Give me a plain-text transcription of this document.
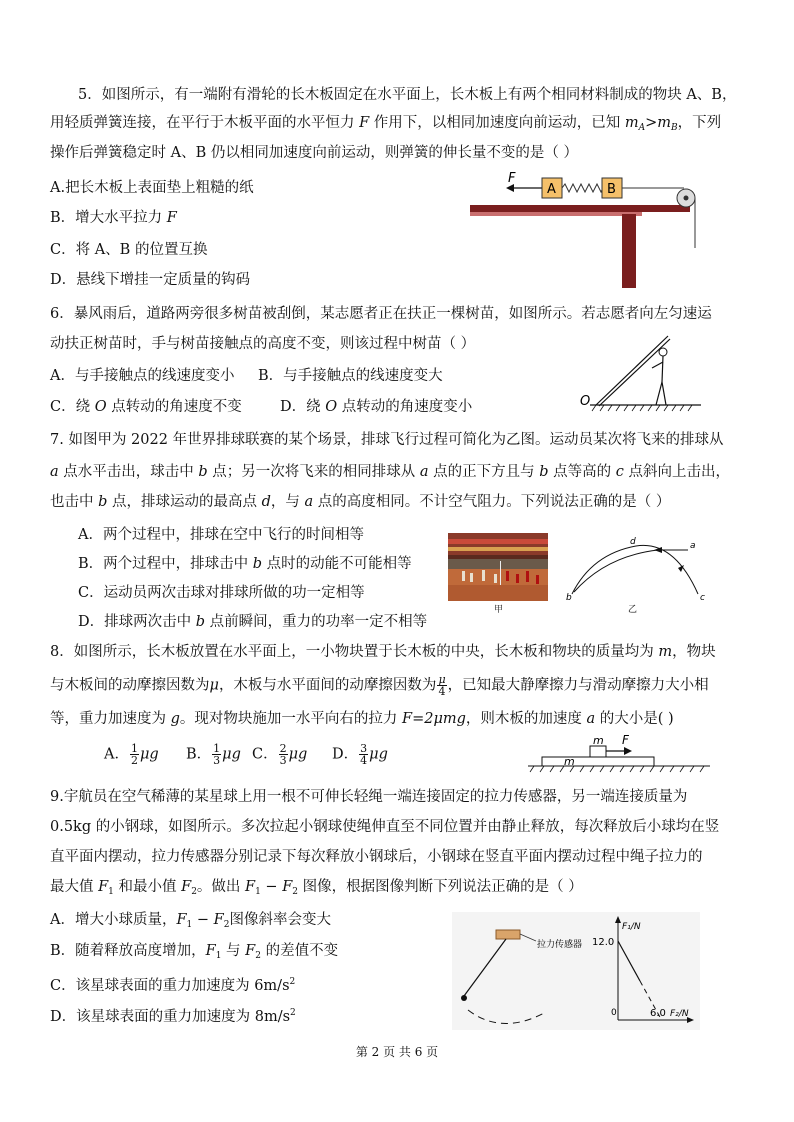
5．如图所示，有一端附有滑轮的长木板固定在水平面上，长木板上有两个相同材料制成的物块 A、B，
用轻质弹簧连接，在平行于木板平面的水平恒力 F 作用下，以相同加速度向前运动，已知 $m_A>m_B$，下列
操作后弹簧稳定时 A、B 仍以相同加速度向前运动，则弹簧的伸长量不变的是（ ）
A.把长木板上表面垫上粗糙的纸
B．增大水平拉力 F
C．将 A、B 的位置互换
D．悬线下增挂一定质量的钩码
F
A	B
6．暴风雨后，道路两旁很多树苗被刮倒，某志愿者正在扶正一棵树苗，如图所示。若志愿者向左匀速运
动扶正树苗时，手与树苗接触点的高度不变，则该过程中树苗（ ）
A．与手接触点的线速度变小 B．与手接触点的线速度变大
C．绕 O 点转动的角速度不变	D．绕 O 点转动的角速度变小	O
7. 如图甲为 2022 年世界排球联赛的某个场景，排球飞行过程可简化为乙图。运动员某次将飞来的排球从
a 点水平击出，球击中 b 点；另一次将飞来的相同排球从 a 点的正下方且与 b 点等高的 c 点斜向上击出，
也击中 b 点，排球运动的最高点 d，与 a 点的高度相同。不计空气阻力。下列说法正确的是（ ）
A．两个过程中，排球在空中飞行的时间相等
B．两个过程中，排球击中 b 点时的动能不可能相等
C．运动员两次击球对排球所做的功一定相等
D．排球两次击中 b 点前瞬间，重力的功率一定不相等
甲
d	a
b	c
乙
8．如图所示，长木板放置在水平面上，一小物块置于长木板的中央，长木板和物块的质量均为 m，物块
与木板间的动摩擦因数为μ，木板与水平面间的动摩擦因数为 $\frac{\mu}{4}$ ，已知最大静摩擦力与滑动摩擦力大小相
等，重力加速度为 g。现对物块施加一水平向右的拉力 F=2μmg，则木板的加速度 a 的大小是( )
A． $\frac{1}{2}$ μg B． $\frac{1}{3}$ μg C． $\frac{2}{3}$ μg D． $\frac{3}{4}$ μg	m
m F
9.宇航员在空气稀薄的某星球上用一根不可伸长轻绳一端连接固定的拉力传感器，另一端连接质量为
0.5kg 的小钢球，如图所示。多次拉起小钢球使绳伸直至不同位置并由静止释放，每次释放后小球均在竖
直平面内摆动，拉力传感器分别记录下每次释放小钢球后，小钢球在竖直平面内摆动过程中绳子拉力的
最大值 $F_1$ 和最小值 $F_2$。做出 $F_1 - F_2$ 图像，根据图像判断下列说法正确的是（ ）
A．增大小球质量，$F_1 - F_2$图像斜率会变大
B．随着释放高度增加，$F_1$ 与 $F_2$ 的差值不变
C．该星球表面的重力加速度为 $6m/s^2$
D．该星球表面的重力加速度为 $8m/s^2$
拉力传感器 12.0
6.0
0
F₁/N
F₂/N
第 2 页 共 6 页
